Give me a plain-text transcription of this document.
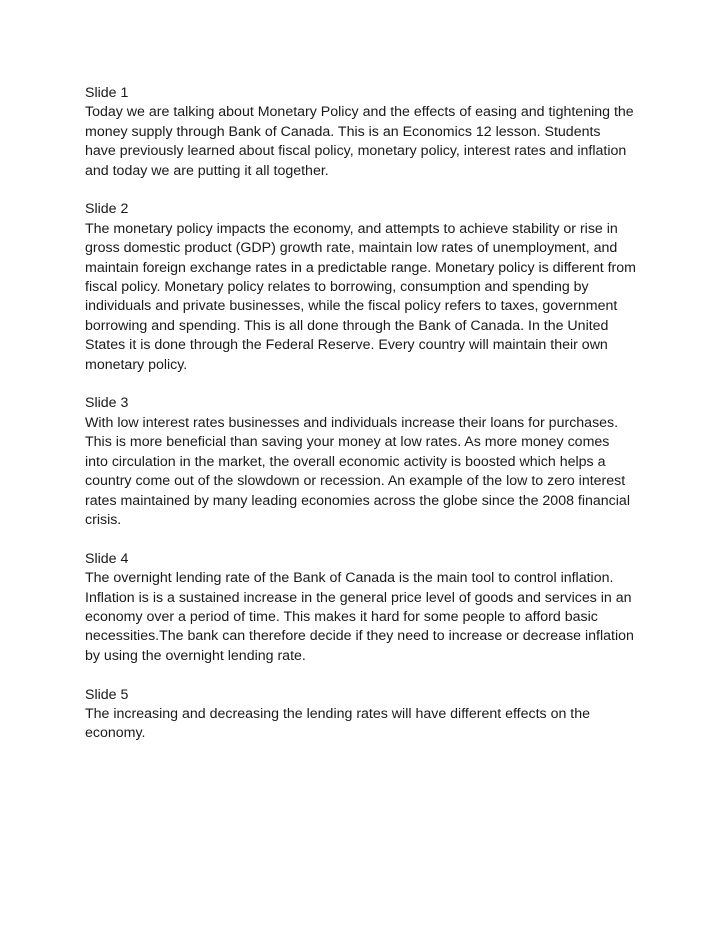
Slide 1
Today we are talking about Monetary Policy and the effects of easing and tightening the
money supply through Bank of Canada. This is an Economics 12 lesson. Students
have previously learned about fiscal policy, monetary policy, interest rates and inflation
and today we are putting it all together.
Slide 2
The monetary policy impacts the economy, and attempts to achieve stability or rise in
gross domestic product (GDP) growth rate, maintain low rates of unemployment, and
maintain foreign exchange rates in a predictable range. Monetary policy is different from
fiscal policy. Monetary policy relates to borrowing, consumption and spending by
individuals and private businesses, while the fiscal policy refers to taxes, government
borrowing and spending. This is all done through the Bank of Canada. In the United
States it is done through the Federal Reserve. Every country will maintain their own
monetary policy.
Slide 3
With low interest rates businesses and individuals increase their loans for purchases.
This is more beneficial than saving your money at low rates. As more money comes
into circulation in the market, the overall economic activity is boosted which helps a
country come out of the slowdown or recession. An example of the low to zero interest
rates maintained by many leading economies across the globe since the 2008 financial
crisis.
Slide 4
The overnight lending rate of the Bank of Canada is the main tool to control inflation.
Inflation is is a sustained increase in the general price level of goods and services in an
economy over a period of time. This makes it hard for some people to afford basic
necessities.The bank can therefore decide if they need to increase or decrease inflation
by using the overnight lending rate.
Slide 5
The increasing and decreasing the lending rates will have different effects on the
economy.
